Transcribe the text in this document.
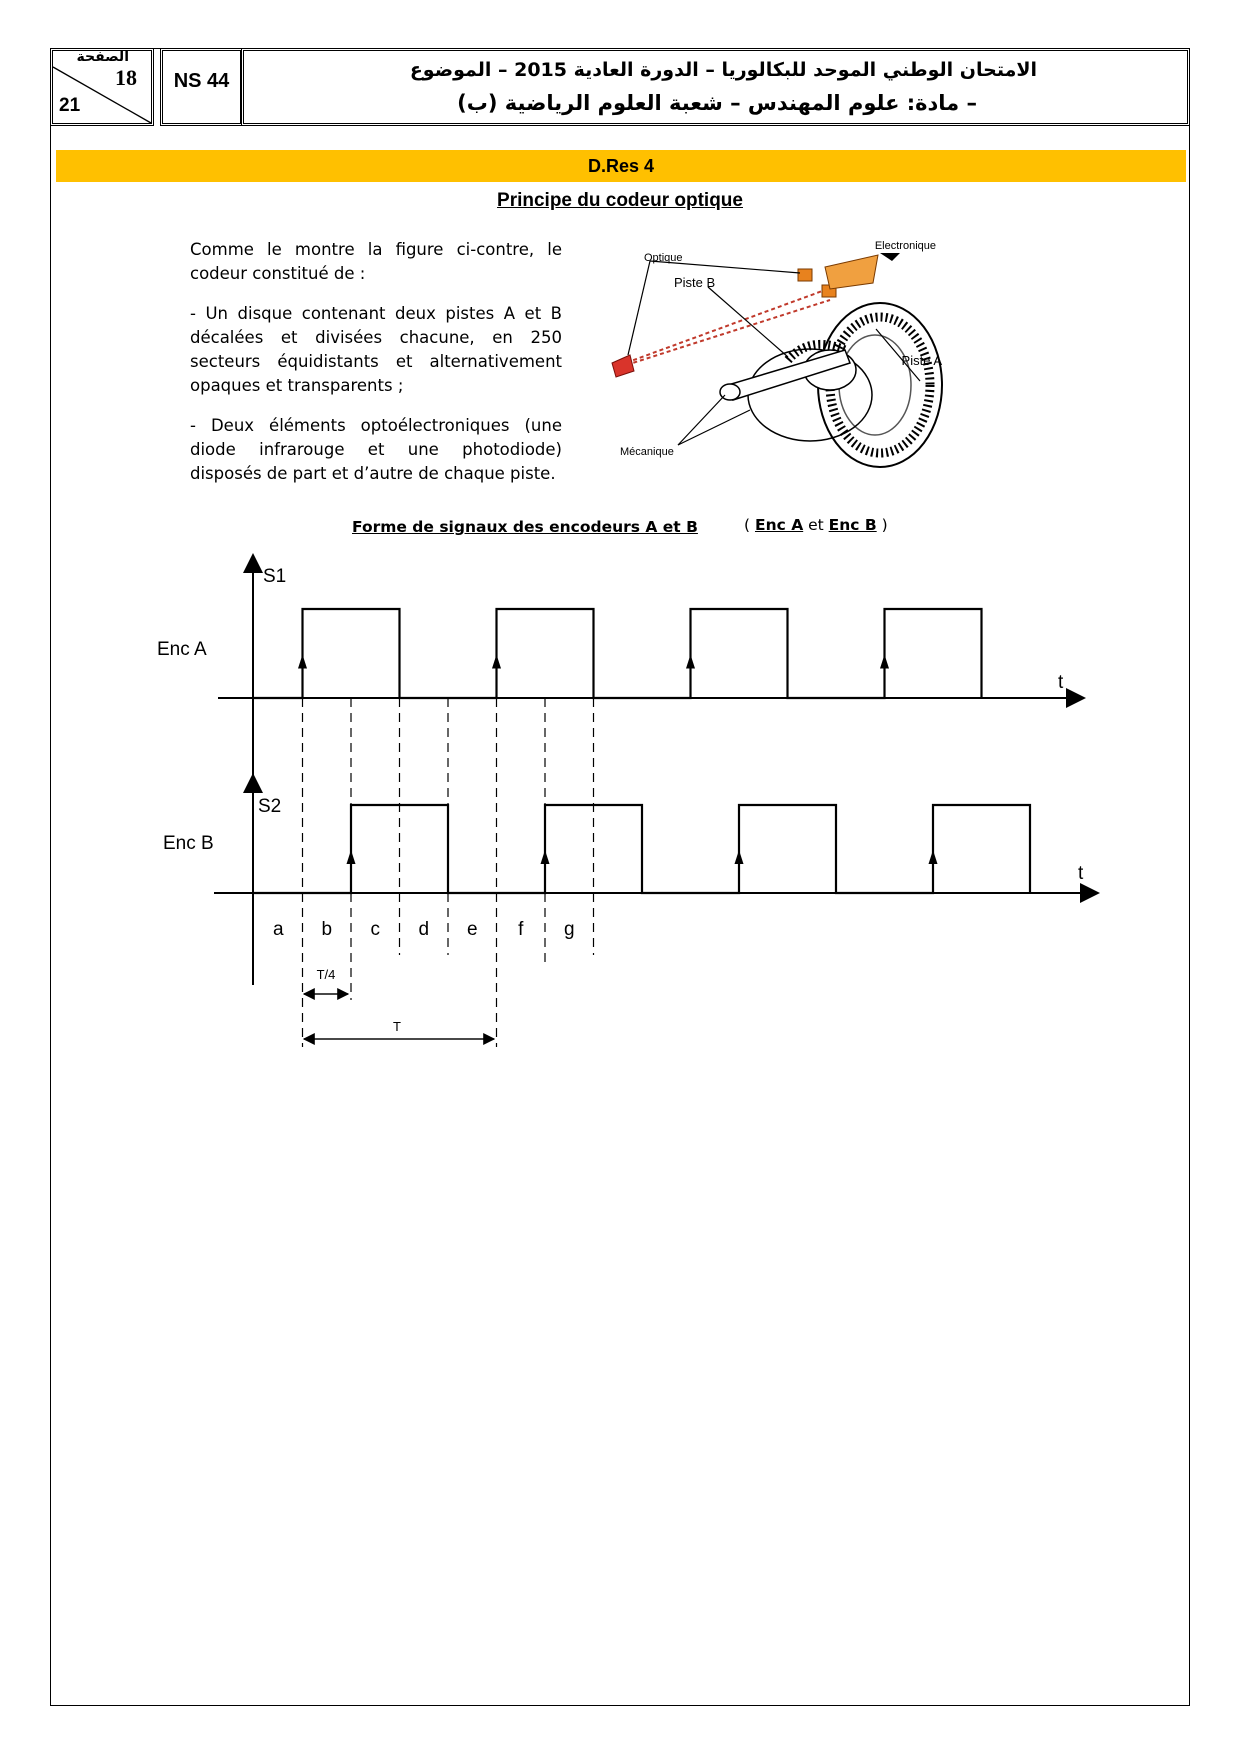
الصفحة
18
21
NS 44	الامتحان الوطني الموحد للبكالوريا – الدورة العادية 2015 – الموضوع
– مادة: علوم المهندس – شعبة العلوم الرياضية (ب)
D.Res 4
Principe du codeur optique
Comme le montre la figure ci-contre, le codeur constitué de :
- Un disque contenant deux pistes A et B décalées et divisées chacune, en 250 secteurs équidistants et alternativement opaques et transparents ;
- Deux éléments optoélectroniques (une diode infrarouge et une photodiode) disposés de part et d’autre de chaque piste.
Optique
Electronique
Piste B
Piste A
Mécanique
Forme de signaux des encodeurs A et B	( Enc A et Enc B )
a b c d e f g
S1
S2
Enc A
Enc B
t
t
T/4
T
